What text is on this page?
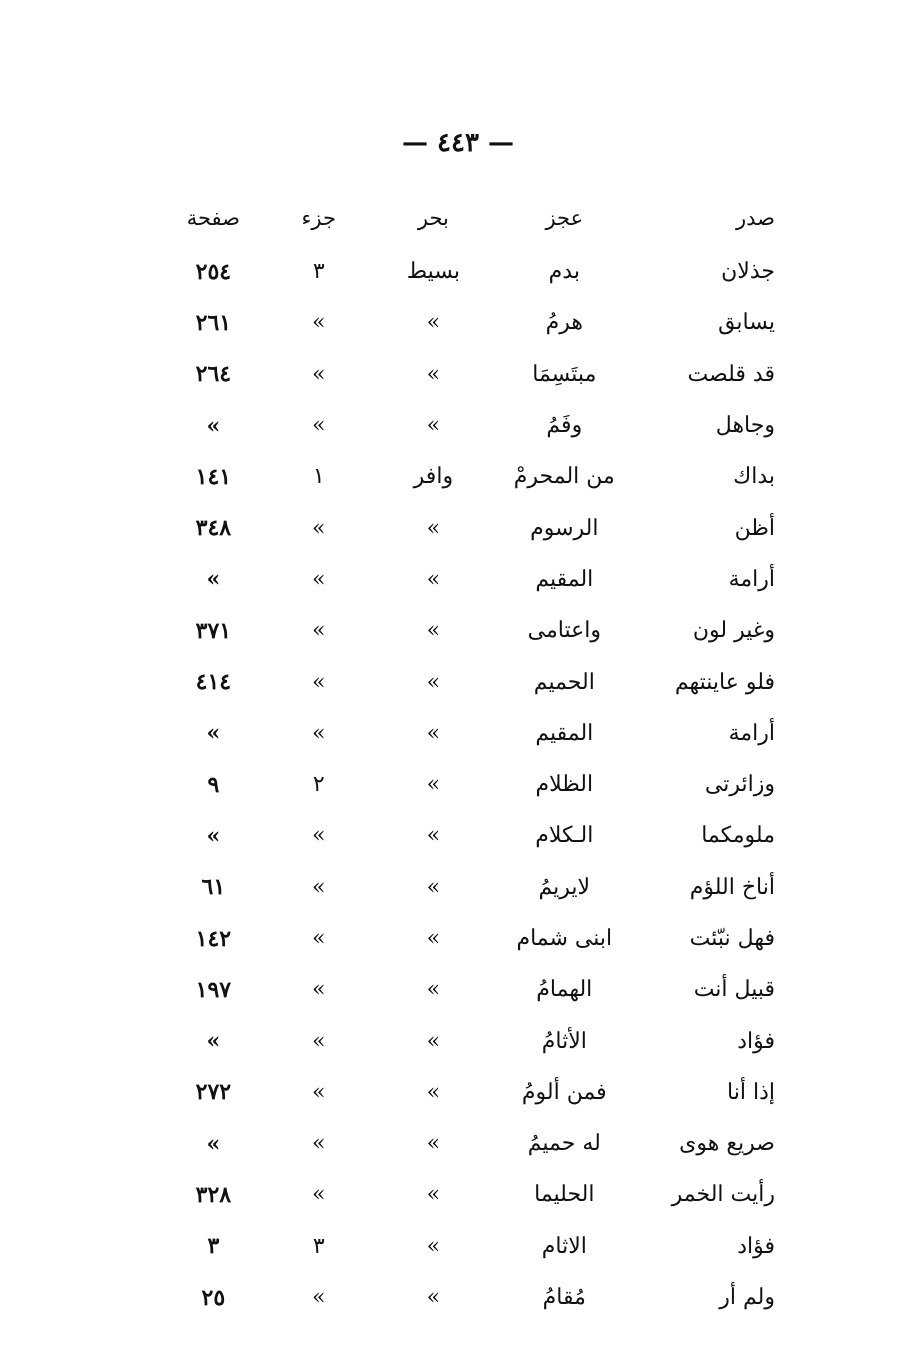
— ٤٤٣ —
صدر	عجز	بحر	جزء	صفحة
جذلان	بدم	بسيط	٣	٢٥٤
يسابق	هرمُ	»	»	٢٦١
قد قلصت	مبتَسِمَا	»	»	٢٦٤
وجاهل	وفَمُ	»	»	»
بداك	من المحرمْ	وافر	١	١٤١
أظن	الرسوم	»	»	٣٤٨
أرامة	المقيم	»	»	»
وغير لون	واعتامى	»	»	٣٧١
فلو عاينتهم	الحميم	»	»	٤١٤
أرامة	المقيم	»	»	»
وزائرتى	الظلام	»	٢	٩
ملومكما	الـكلام	»	»	»
أناخ اللؤم	لايريمُ	»	»	٦١
فهل نبّئت	ابنى شمام	»	»	١٤٢
قبيل أنت	الهمامُ	»	»	١٩٧
فؤاد	الأثامُ	»	»	»
إذا أنا	فمن ألومُ	»	»	٢٧٢
صريع هوى	له حميمُ	»	»	»
رأيت الخمر	الحليما	»	»	٣٢٨
فؤاد	الاثام	»	٣	٣
ولم أر	مُقامُ	»	»	٢٥
